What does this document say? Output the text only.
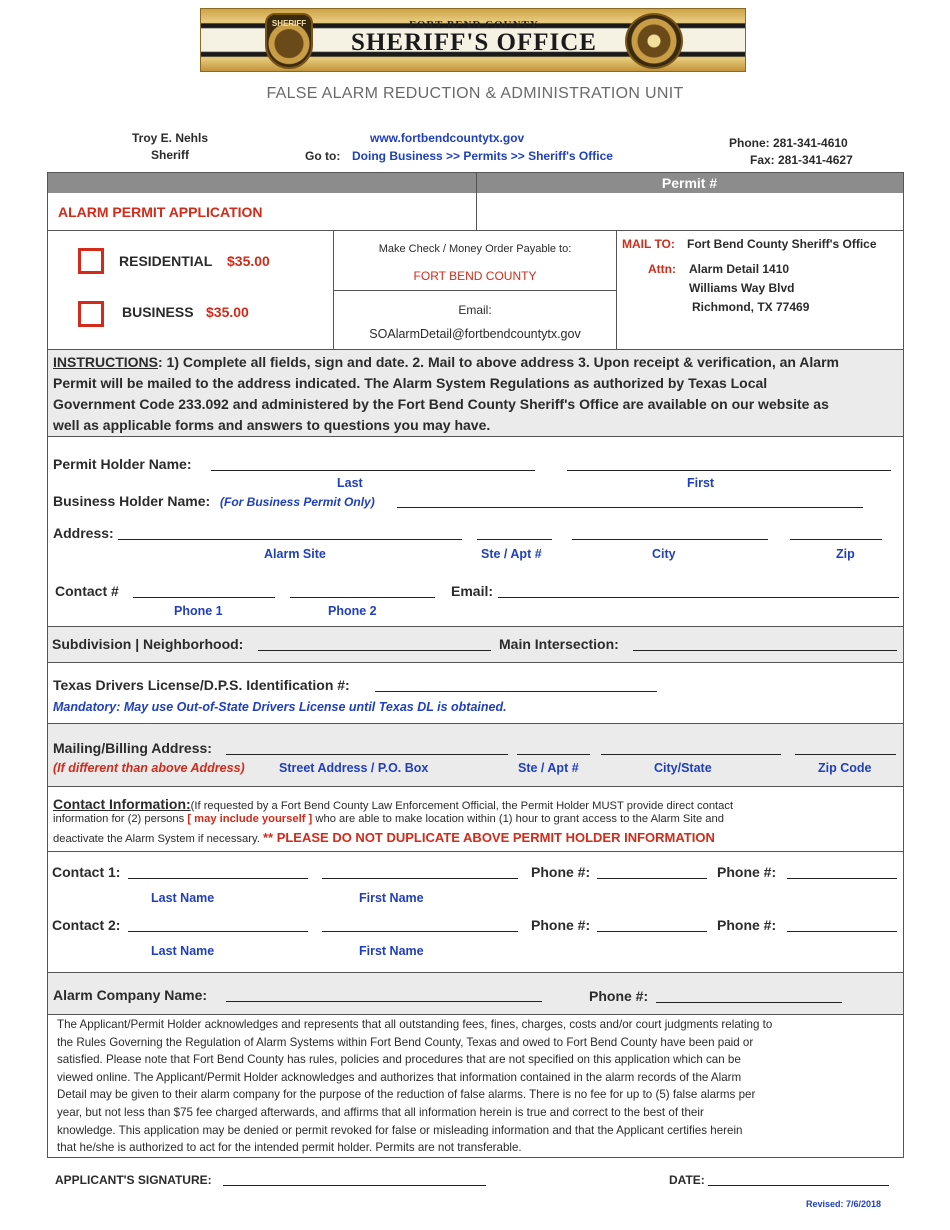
SHERIFF	FORT BEND COUNTY
SHERIFF'S OFFICE
FALSE ALARM REDUCTION & ADMINISTRATION UNIT
Troy E. Nehls
Sheriff
www.fortbendcountytx.gov
Go to: Doing Business >> Permits >> Sheriff's Office
Phone: 281-341-4610
Fax: 281-341-4627
Permit #
ALARM PERMIT APPLICATION
RESIDENTIAL $35.00
BUSINESS $35.00
Make Check / Money Order Payable to:
FORT BEND COUNTY
Email:
SOAlarmDetail@fortbendcountytx.gov
MAIL TO: Fort Bend County Sheriff's Office
Attn: Alarm Detail 1410
Williams Way Blvd
Richmond, TX 77469
INSTRUCTIONS: 1) Complete all fields, sign and date. 2. Mail to above address 3. Upon receipt & verification, an Alarm
Permit will be mailed to the address indicated. The Alarm System Regulations as authorized by Texas Local
Government Code 233.092 and administered by the Fort Bend County Sheriff's Office are available on our website as
well as applicable forms and answers to questions you may have.
Permit Holder Name:
Last	First
Business Holder Name: (For Business Permit Only)
Address:
Alarm Site	Ste / Apt #	City	Zip
Contact #	Email:
Phone 1	Phone 2
Subdivision | Neighborhood:	Main Intersection:
Texas Drivers License/D.P.S. Identification #:
Mandatory: May use Out-of-State Drivers License until Texas DL is obtained.
Mailing/Billing Address:
(If different than above Address)	Street Address / P.O. Box	Ste / Apt #	City/State	Zip Code
Contact Information:(If requested by a Fort Bend County Law Enforcement Official, the Permit Holder MUST provide direct contact
information for (2) persons [ may include yourself ] who are able to make location within (1) hour to grant access to the Alarm Site and
deactivate the Alarm System if necessary. ** PLEASE DO NOT DUPLICATE ABOVE PERMIT HOLDER INFORMATION
Contact 1:	Phone #:	Phone #:
Last Name	First Name
Contact 2:	Phone #:	Phone #:
Last Name	First Name
Alarm Company Name:	Phone #:
The Applicant/Permit Holder acknowledges and represents that all outstanding fees, fines, charges, costs and/or court judgments relating to
the Rules Governing the Regulation of Alarm Systems within Fort Bend County, Texas and owed to Fort Bend County have been paid or
satisfied. Please note that Fort Bend County has rules, policies and procedures that are not specified on this application which can be
viewed online. The Applicant/Permit Holder acknowledges and authorizes that information contained in the alarm records of the Alarm
Detail may be given to their alarm company for the purpose of the reduction of false alarms. There is no fee for up to (5) false alarms per
year, but not less than $75 fee charged afterwards, and affirms that all information herein is true and correct to the best of their
knowledge. This application may be denied or permit revoked for false or misleading information and that the Applicant certifies herein
that he/she is authorized to act for the intended permit holder. Permits are not transferable.
APPLICANT'S SIGNATURE:	DATE:
Revised: 7/6/2018
